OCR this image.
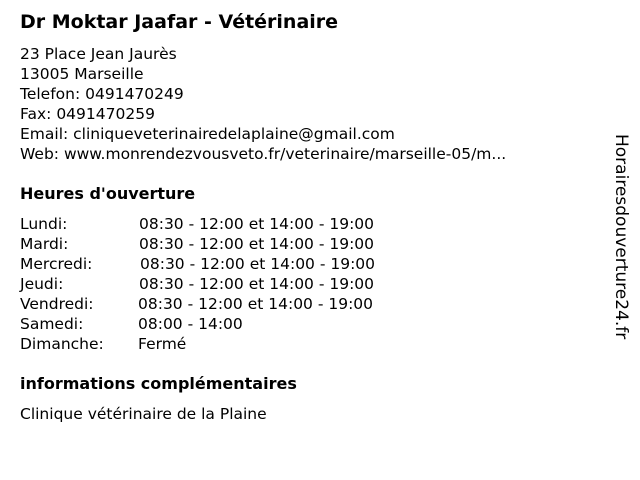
Dr Moktar Jaafar - Vétérinaire
23 Place Jean Jaurès
13005 Marseille
Telefon: 0491470249
Fax: 0491470259
Email: cliniqueveterinairedelaplaine@gmail.com
Web: www.monrendezvousveto.fr/veterinaire/marseille-05/m...
Heures d'ouverture
Lundi:	08:30 - 12:00 et 14:00 - 19:00
Mardi:	08:30 - 12:00 et 14:00 - 19:00
Mercredi:	08:30 - 12:00 et 14:00 - 19:00
Jeudi:	08:30 - 12:00 et 14:00 - 19:00
Vendredi:	08:30 - 12:00 et 14:00 - 19:00
Samedi:	08:00 - 14:00
Dimanche: Fermé
informations complémentaires
Clinique vétérinaire de la Plaine
Horairesdouverture24.fr
